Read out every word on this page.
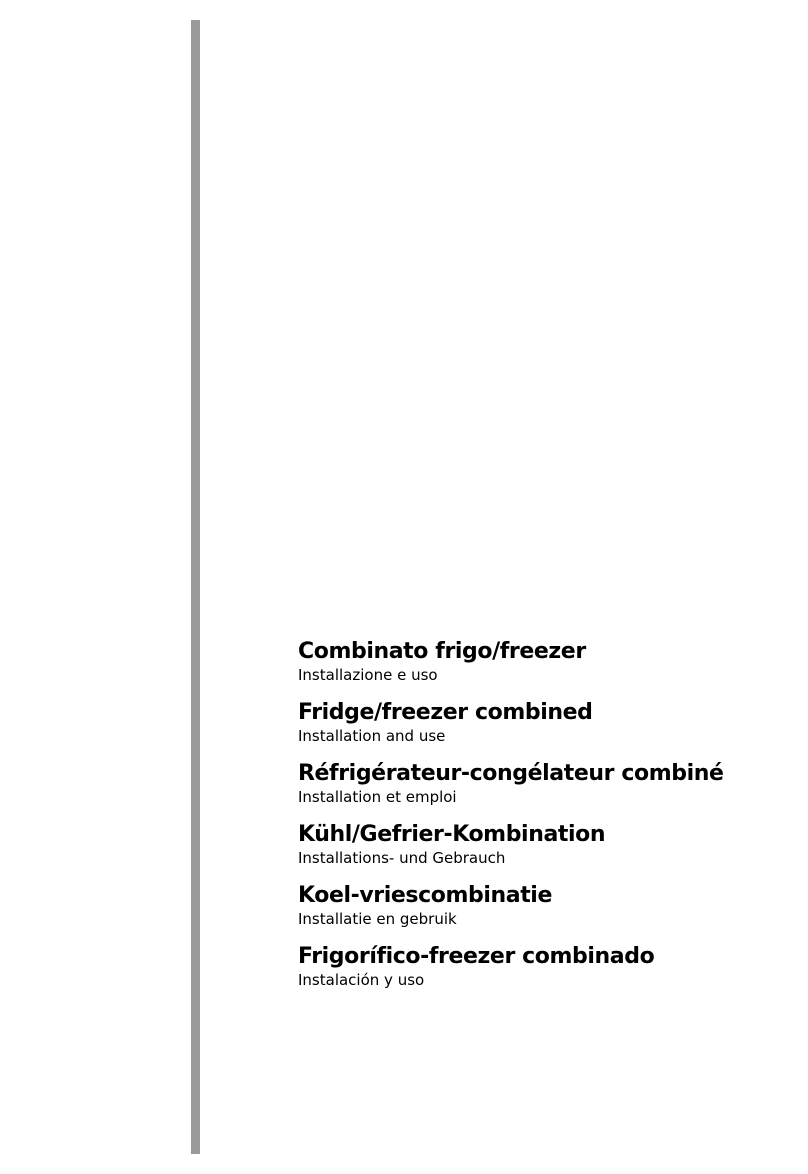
Combinato frigo/freezer
Installazione e uso
Fridge/freezer combined
Installation and use
Réfrigérateur-congélateur combiné
Installation et emploi
Kühl/Gefrier-Kombination
Installations- und Gebrauch
Koel-vriescombinatie
Installatie en gebruik
Frigorífico-freezer combinado
Instalación y uso
